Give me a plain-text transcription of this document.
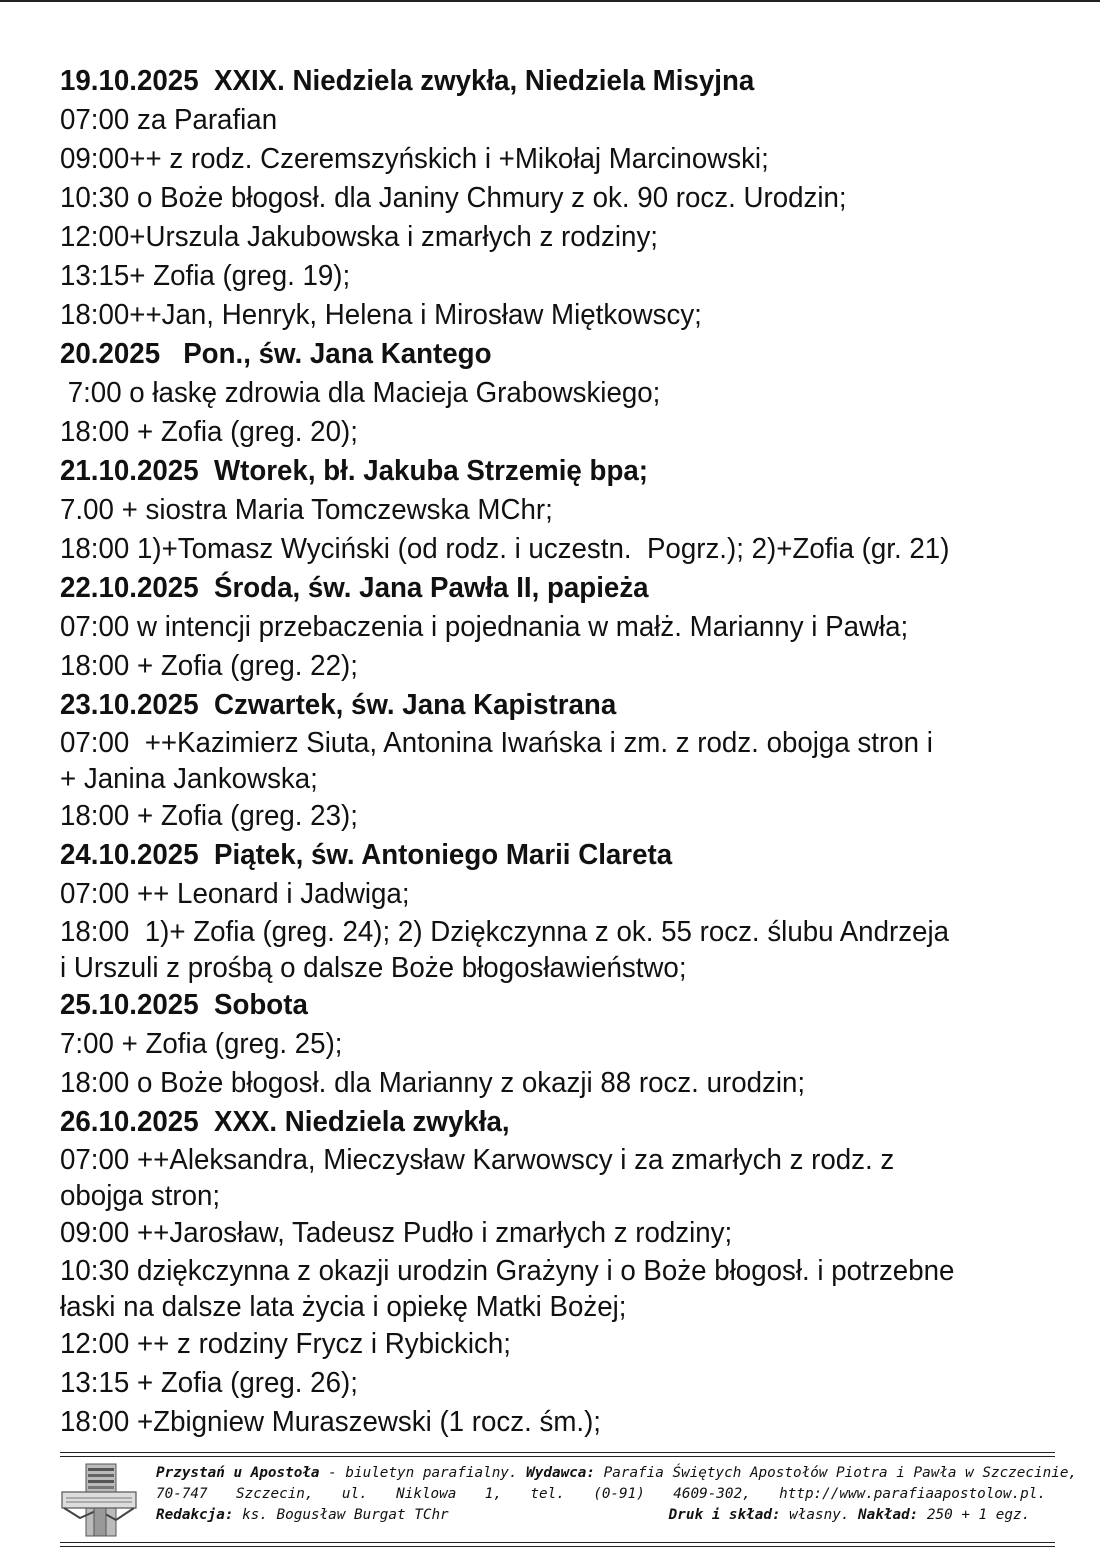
19.10.2025  XXIX. Niedziela zwykła, Niedziela Misyjna
07:00 za Parafian
09:00++ z rodz. Czeremszyńskich i +Mikołaj Marcinowski;
10:30 o Boże błogosł. dla Janiny Chmury z ok. 90 rocz. Urodzin;
12:00+Urszula Jakubowska i zmarłych z rodziny;
13:15+ Zofia (greg. 19);
18:00++Jan, Henryk, Helena i Mirosław Miętkowscy;
20.2025   Pon., św. Jana Kantego
7:00 o łaskę zdrowia dla Macieja Grabowskiego;
18:00 + Zofia (greg. 20);
21.10.2025  Wtorek, bł. Jakuba Strzemię bpa;
7.00 + siostra Maria Tomczewska MChr;
18:00 1)+Tomasz Wyciński (od rodz. i uczestn.  Pogrz.); 2)+Zofia (gr. 21)
22.10.2025  Środa, św. Jana Pawła II, papieża
07:00 w intencji przebaczenia i pojednania w małż. Marianny i Pawła;
18:00 + Zofia (greg. 22);
23.10.2025  Czwartek, św. Jana Kapistrana
07:00  ++Kazimierz Siuta, Antonina Iwańska i zm. z rodz. obojga stron i
+ Janina Jankowska;
18:00 + Zofia (greg. 23);
24.10.2025  Piątek, św. Antoniego Marii Clareta
07:00 ++ Leonard i Jadwiga;
18:00  1)+ Zofia (greg. 24); 2) Dziękczynna z ok. 55 rocz. ślubu Andrzeja
i Urszuli z prośbą o dalsze Boże błogosławieństwo;
25.10.2025  Sobota
7:00 + Zofia (greg. 25);
18:00 o Boże błogosł. dla Marianny z okazji 88 rocz. urodzin;
26.10.2025  XXX. Niedziela zwykła,
07:00 ++Aleksandra, Mieczysław Karwowscy i za zmarłych z rodz. z
obojga stron;
09:00 ++Jarosław, Tadeusz Pudło i zmarłych z rodziny;
10:30 dziękczynna z okazji urodzin Grażyny i o Boże błogosł. i potrzebne
łaski na dalsze lata życia i opiekę Matki Bożej;
12:00 ++ z rodziny Frycz i Rybickich;
13:15 + Zofia (greg. 26);
18:00 +Zbigniew Muraszewski (1 rocz. śm.);
Przystań u Apostoła - biuletyn parafialny. Wydawca: Parafia Świętych Apostołów Piotra i Pawła w Szczecinie,
70-747 Szczecin, ul. Niklowa 1, tel. (0-91) 4609-302, http://www.parafiaapostolow.pl.
Redakcja: ks. Bogusław Burgat TChr	Druk i skład: własny. Nakład: 250 + 1 egz.
